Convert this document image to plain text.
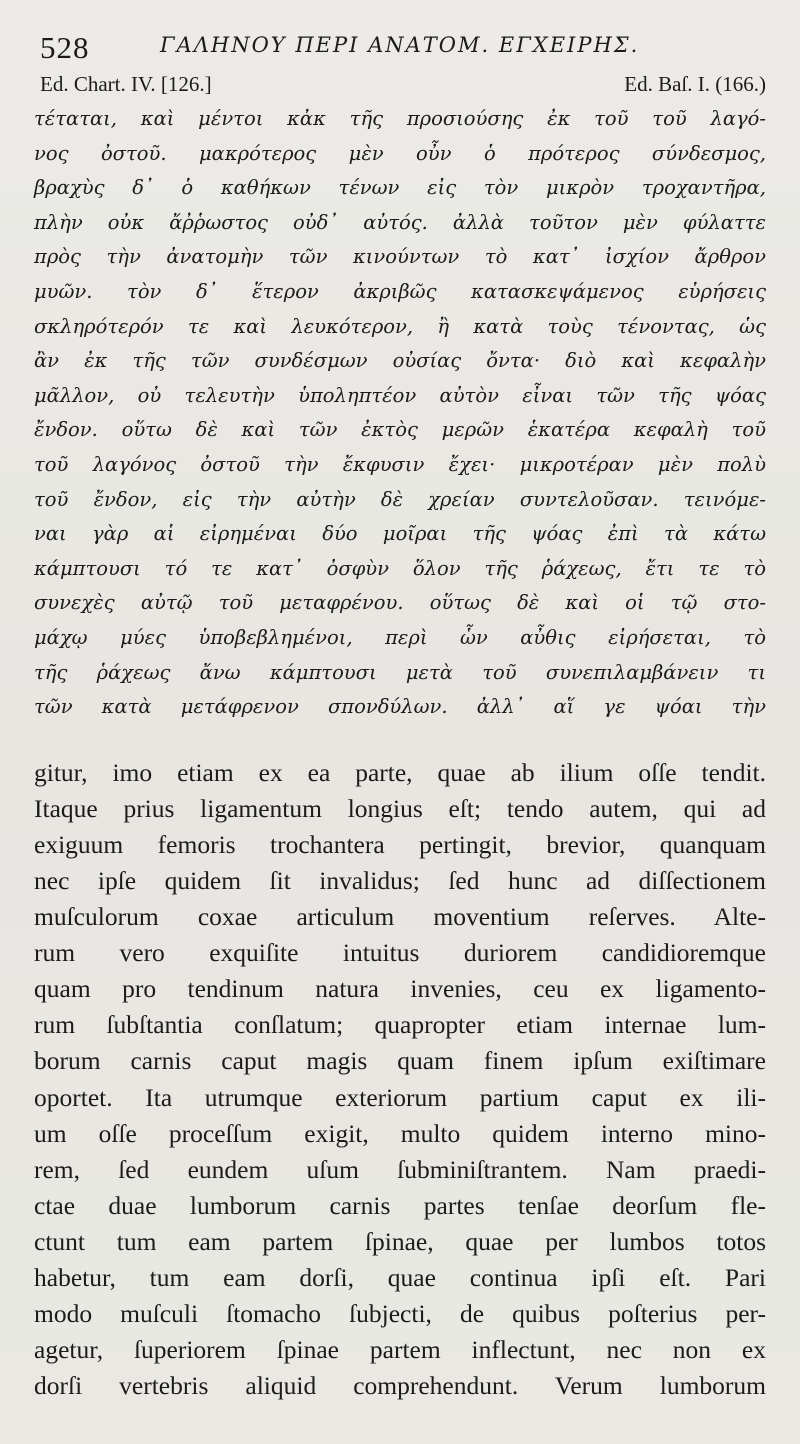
528	ΓΑΛΗΝΟΥ ΠΕΡΙ ΑΝΑΤΟΜ. ΕΓΧΕΙΡΗΣ.
Ed. Chart. IV. [126.]	Ed. Baſ. I. (166.)
τέταται, καὶ μέντοι κἀκ τῆς προσιούσης ἐκ τοῦ τοῦ λαγό-
νος ὀστοῦ. μακρότερος μὲν οὖν ὁ πρότερος σύνδεσμος,
βραχὺς δ᾽ ὁ καθήκων τένων εἰς τὸν μικρὸν τροχαντῆρα,
πλὴν οὐκ ἄῤῥωστος οὐδ᾽ αὐτός. ἀλλὰ τοῦτον μὲν φύλαττε
πρὸς τὴν ἀνατομὴν τῶν κινούντων τὸ κατ᾽ ἰσχίον ἄρθρον
μυῶν. τὸν δ᾽ ἕτερον ἀκριβῶς κατασκεψάμενος εὑρήσεις
σκληρότερόν τε καὶ λευκότερον, ἢ κατὰ τοὺς τένοντας, ὡς
ἂν ἐκ τῆς τῶν συνδέσμων οὐσίας ὄντα· διὸ καὶ κεφαλὴν
μᾶλλον, οὐ τελευτὴν ὑποληπτέον αὐτὸν εἶναι τῶν τῆς ψόας
ἔνδον. οὕτω δὲ καὶ τῶν ἐκτὸς μερῶν ἑκατέρα κεφαλὴ τοῦ
τοῦ λαγόνος ὀστοῦ τὴν ἔκφυσιν ἔχει· μικροτέραν μὲν πολὺ
τοῦ ἔνδον, εἰς τὴν αὐτὴν δὲ χρείαν συντελοῦσαν. τεινόμε-
ναι γὰρ αἱ εἰρημέναι δύο μοῖραι τῆς ψόας ἐπὶ τὰ κάτω
κάμπτουσι τό τε κατ᾽ ὀσφὺν ὅλον τῆς ῥάχεως, ἔτι τε τὸ
συνεχὲς αὐτῷ τοῦ μεταφρένου. οὕτως δὲ καὶ οἱ τῷ στο-
μάχῳ μύες ὑποβεβλημένοι, περὶ ὧν αὖθις εἰρήσεται, τὸ
τῆς ῥάχεως ἄνω κάμπτουσι μετὰ τοῦ συνεπιλαμβάνειν τι
τῶν κατὰ μετάφρενον σπονδύλων. ἀλλ᾽ αἵ γε ψόαι τὴν
gitur, imo etiam ex ea parte, quae ab ilium oſſe tendit.
Itaque prius ligamentum longius eſt; tendo autem, qui ad
exiguum femoris trochantera pertingit, brevior, quanquam
nec ipſe quidem ſit invalidus; ſed hunc ad diſſectionem
muſculorum coxae articulum moventium reſerves. Alte-
rum vero exquiſite intuitus duriorem candidioremque
quam pro tendinum natura invenies, ceu ex ligamento-
rum ſubſtantia conſlatum; quapropter etiam internae lum-
borum carnis caput magis quam finem ipſum exiſtimare
oportet. Ita utrumque exteriorum partium caput ex ili-
um oſſe proceſſum exigit, multo quidem interno mino-
rem, ſed eundem uſum ſubminiſtrantem. Nam praedi-
ctae duae lumborum carnis partes tenſae deorſum fle-
ctunt tum eam partem ſpinae, quae per lumbos totos
habetur, tum eam dorſi, quae continua ipſi eſt. Pari
modo muſculi ſtomacho ſubjecti, de quibus poſterius per-
agetur, ſuperiorem ſpinae partem inflectunt, nec non ex
dorſi vertebris aliquid comprehendunt. Verum lumborum
